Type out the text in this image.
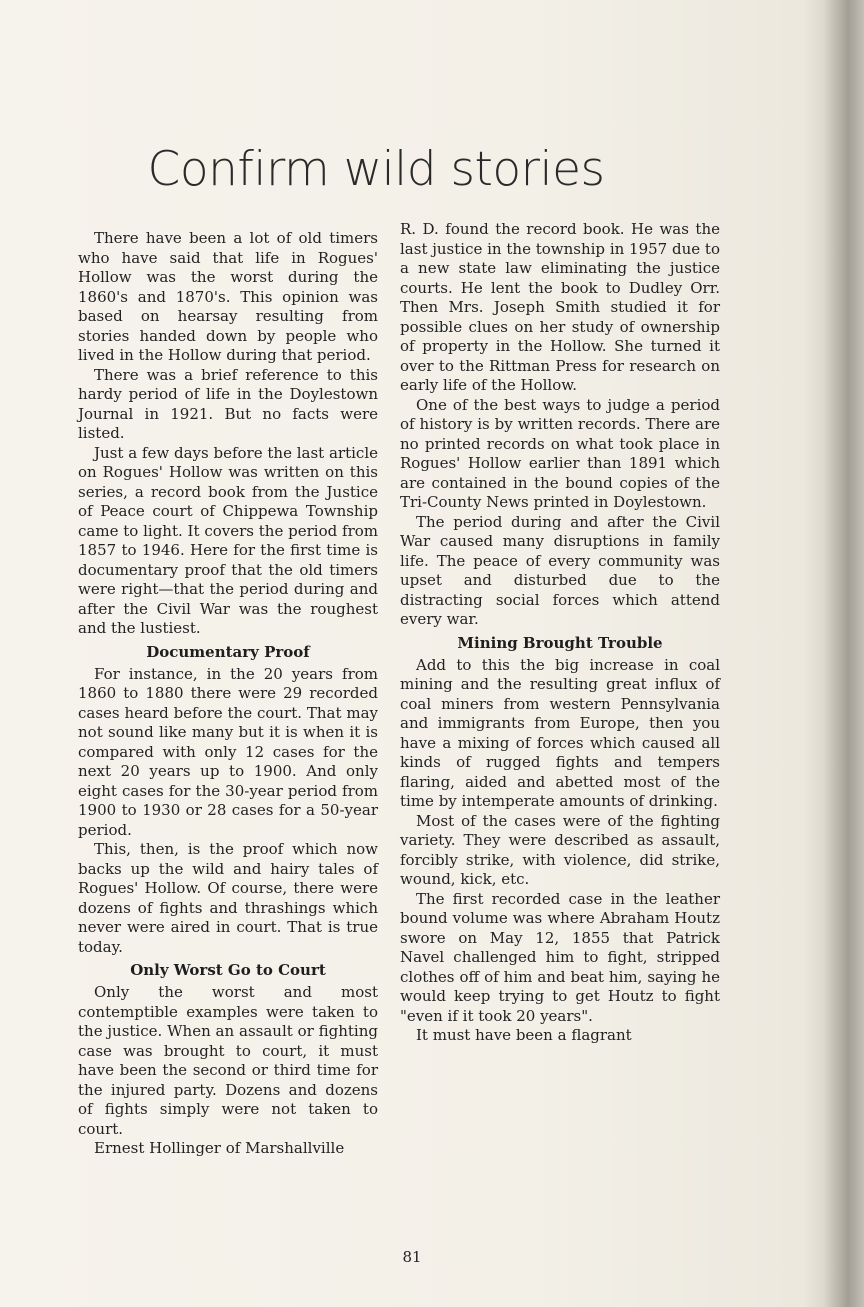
Confirm wild stories

There have been a lot of old timers who have said that life in Rogues' Hollow was the worst during the 1860's and 1870's. This opinion was based on hearsay resulting from stories handed down by people who lived in the Hollow during that period.

There was a brief reference to this hardy period of life in the Doylestown Journal in 1921. But no facts were listed.

Just a few days before the last article on Rogues' Hollow was written on this series, a record book from the Justice of Peace court of Chippewa Township came to light. It covers the period from 1857 to 1946. Here for the first time is documentary proof that the old timers were right—that the period during and after the Civil War was the roughest and the lustiest.

Documentary Proof

For instance, in the 20 years from 1860 to 1880 there were 29 recorded cases heard before the court. That may not sound like many but it is when it is compared with only 12 cases for the next 20 years up to 1900. And only eight cases for the 30-year period from 1900 to 1930 or 28 cases for a 50-year period.

This, then, is the proof which now backs up the wild and hairy tales of Rogues' Hollow. Of course, there were dozens of fights and thrashings which never were aired in court. That is true today.

Only Worst Go to Court

Only the worst and most contemptible examples were taken to the justice. When an assault or fighting case was brought to court, it must have been the second or third time for the injured party. Dozens and dozens of fights simply were not taken to court.

Ernest Hollinger of Marshallville

R. D. found the record book. He was the last justice in the township in 1957 due to a new state law eliminating the justice courts. He lent the book to Dudley Orr. Then Mrs. Joseph Smith studied it for possible clues on her study of ownership of property in the Hollow. She turned it over to the Rittman Press for research on early life of the Hollow.

One of the best ways to judge a period of history is by written records. There are no printed records on what took place in Rogues' Hollow earlier than 1891 which are contained in the bound copies of the Tri-County News printed in Doylestown.

The period during and after the Civil War caused many disruptions in family life. The peace of every community was upset and disturbed due to the distracting social forces which attend every war.

Mining Brought Trouble

Add to this the big increase in coal mining and the resulting great influx of coal miners from western Pennsylvania and immigrants from Europe, then you have a mixing of forces which caused all kinds of rugged fights and tempers flaring, aided and abetted most of the time by intemperate amounts of drinking.

Most of the cases were of the fighting variety. They were described as assault, forcibly strike, with violence, did strike, wound, kick, etc.

The first recorded case in the leather bound volume was where Abraham Houtz swore on May 12, 1855 that Patrick Navel challenged him to fight, stripped clothes off of him and beat him, saying he would keep trying to get Houtz to fight "even if it took 20 years".

It must have been a flagrant

81
